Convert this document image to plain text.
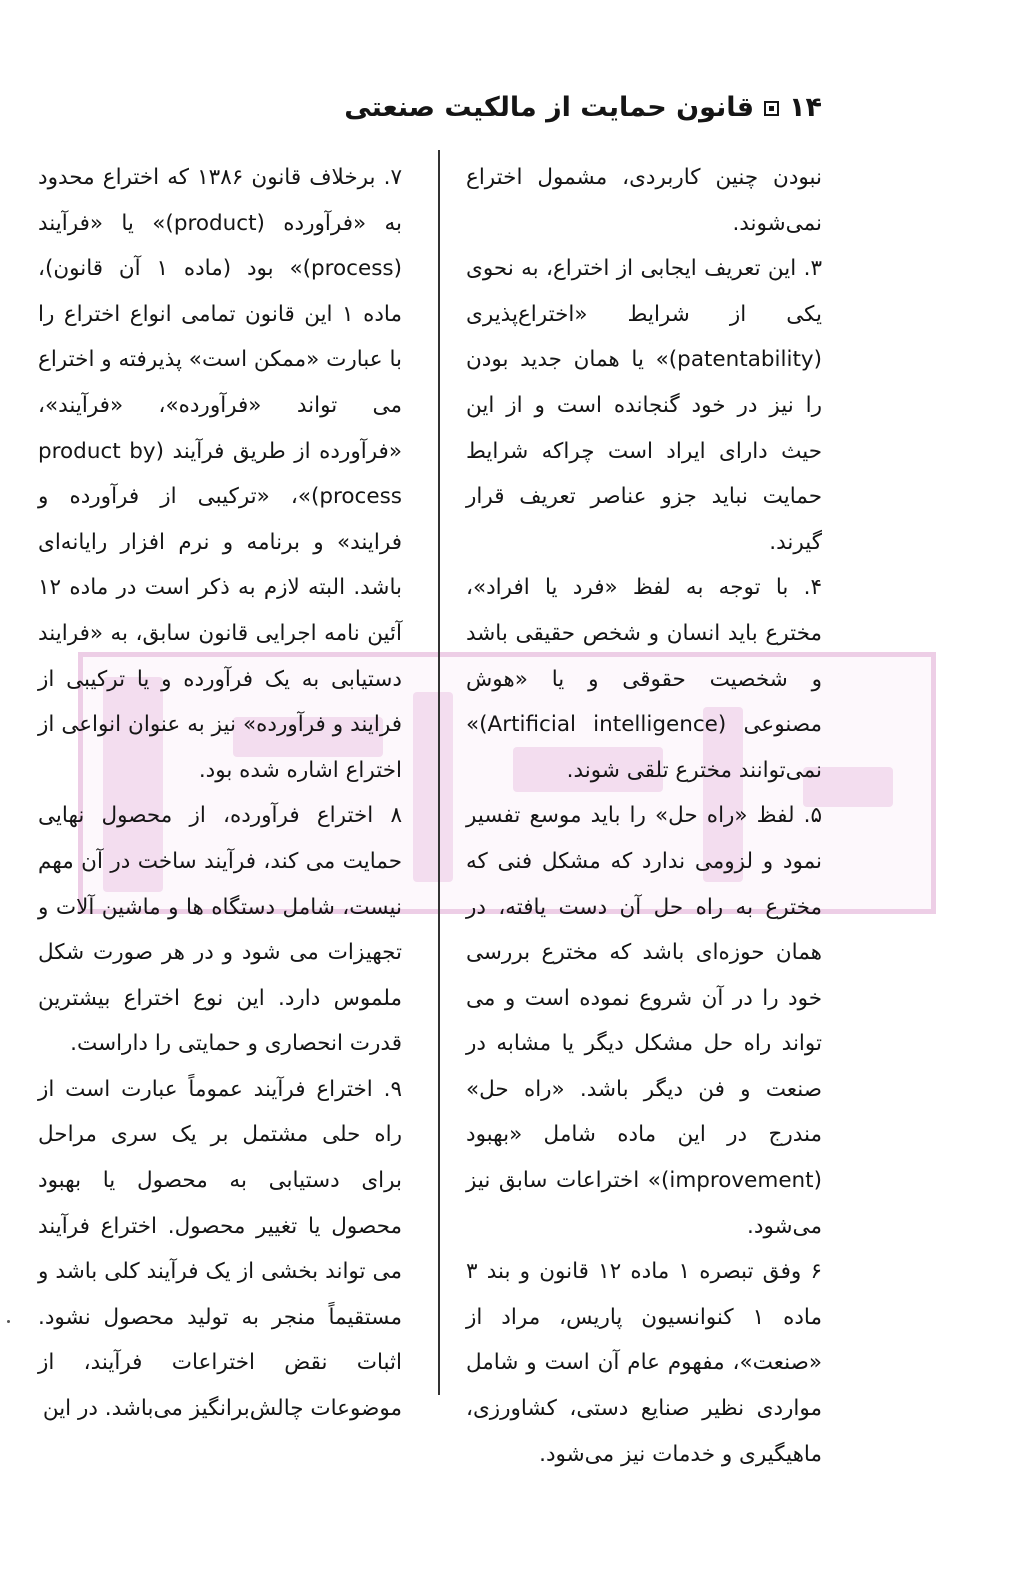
۱۴
قانون حمایت از مالکیت صنعتی

نبودن چنین کاربردی، مشمول اختراع نمی‌شوند.

۳. این تعریف ایجابی از اختراع، به نحوی یکی از شرایط «اختراع‌پذیری (patentability)» یا همان جدید بودن را نیز در خود گنجانده است و از این حیث دارای ایراد است چراکه شرایط حمایت نباید جزو عناصر تعریف قرار گیرند.

۴. با توجه به لفظ «فرد یا افراد»، مخترع باید انسان و شخص حقیقی باشد و شخصیت حقوقی و یا «هوش مصنوعی (Artificial intelligence)» نمی‌توانند مخترع تلقی شوند.

۵. لفظ «راه حل» را باید موسع تفسیر نمود و لزومی ندارد که مشکل فنی که مخترع به راه حل آن دست یافته، در همان حوزه‌ای باشد که مخترع بررسی خود را در آن شروع نموده است و می تواند راه حل مشکل دیگر یا مشابه در صنعت و فن دیگر باشد. «راه حل» مندرج در این ماده شامل «بهبود (improvement)» اختراعات سابق نیز می‌شود.

۶ وفق تبصره ۱ ماده ۱۲ قانون و بند ۳ ماده ۱ کنوانسیون پاریس، مراد از «صنعت»، مفهوم عام آن است و شامل مواردی نظیر صنایع دستی، کشاورزی، ماهیگیری و خدمات نیز می‌شود.

۷. برخلاف قانون ۱۳۸۶ که اختراع محدود به «فرآورده (product)» یا «فرآیند (process)» بود (ماده ۱ آن قانون)، ماده ۱ این قانون تمامی انواع اختراع را با عبارت «ممکن است» پذیرفته و اختراع می تواند «فرآورده»، «فرآیند»، «فرآورده از طریق فرآیند (product by process)»، «ترکیبی از فرآورده و فرایند» و برنامه و نرم افزار رایانه‌ای باشد. البته لازم به ذکر است در ماده ۱۲ آئین نامه اجرایی قانون سابق، به «فرایند دستیابی به یک فرآورده و یا ترکیبی از فرایند و فرآورده» نیز به عنوان انواعی از اختراع اشاره شده بود.

۸ اختراع فرآورده، از محصول نهایی حمایت می کند، فرآیند ساخت در آن مهم نیست، شامل دستگاه ها و ماشین آلات و تجهیزات می شود و در هر صورت شکل ملموس دارد. این نوع اختراع بیشترین قدرت انحصاری و حمایتی را داراست.

۹. اختراع فرآیند عموماً عبارت است از راه حلی مشتمل بر یک سری مراحل برای دستیابی به محصول یا بهبود محصول یا تغییر محصول. اختراع فرآیند می تواند بخشی از یک فرآیند کلی باشد و مستقیماً منجر به تولید محصول نشود. اثبات نقض اختراعات فرآیند، از موضوعات چالش‌برانگیز می‌باشد. در این
